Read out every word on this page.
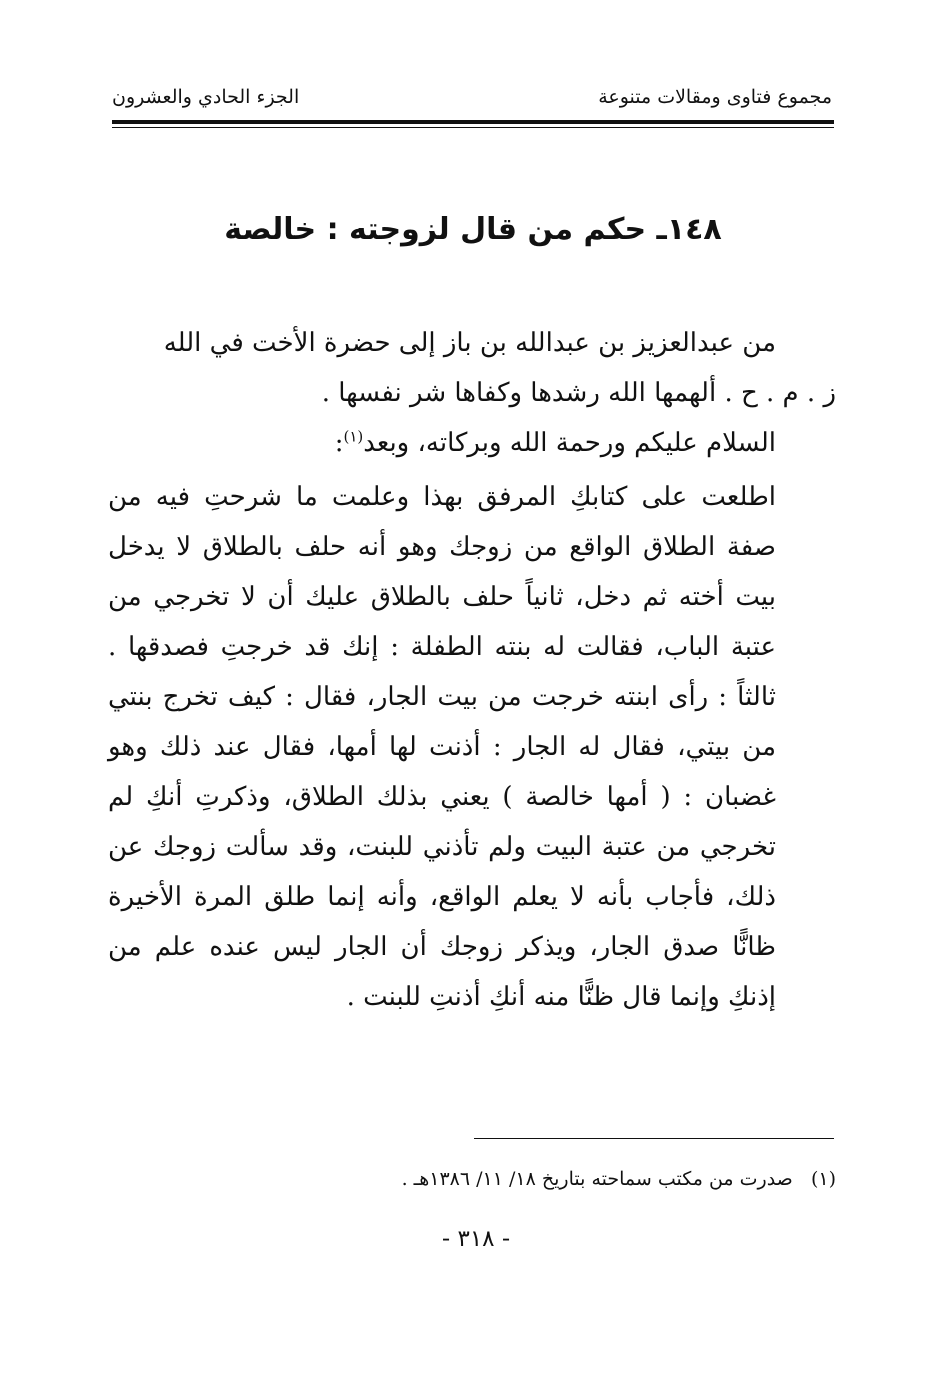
مجموع فتاوى ومقالات متنوعة
الجزء الحادي والعشرون
١٤٨ـ حكم من قال لزوجته : خالصة

من عبدالعزيز بن عبدالله بن باز إلى حضرة الأخت في الله

ز . م . ح . ألهمها الله رشدها وكفاها شر نفسها .

السلام عليكم ورحمة الله وبركاته، وبعد$^{(١)}$:

اطلعت على كتابكِ المرفق بهذا وعلمت ما شرحتِ فيه من صفة الطلاق الواقع من زوجك وهو أنه حلف بالطلاق لا يدخل بيت أخته ثم دخل، ثانياً حلف بالطلاق عليك أن لا تخرجي من عتبة الباب، فقالت له بنته الطفلة : إنك قد خرجتِ فصدقها . ثالثاً : رأى ابنته خرجت من بيت الجار، فقال : كيف تخرج بنتي من بيتي، فقال له الجار : أذنت لها أمها، فقال عند ذلك وهو غضبان : ( أمها خالصة ) يعني بذلك الطلاق، وذكرتِ أنكِ لم تخرجي من عتبة البيت ولم تأذني للبنت، وقد سألت زوجك عن ذلك، فأجاب بأنه لا يعلم الواقع، وأنه إنما طلق المرة الأخيرة ظانًّا صدق الجار، ويذكر زوجك أن الجار ليس عنده علم من إذنكِ وإنما قال ظنًّا منه أنكِ أذنتِ للبنت .

(١)   صدرت من مكتب سماحته بتاريخ ١٨/ ١١/ ١٣٨٦هـ .
- ٣١٨ -
